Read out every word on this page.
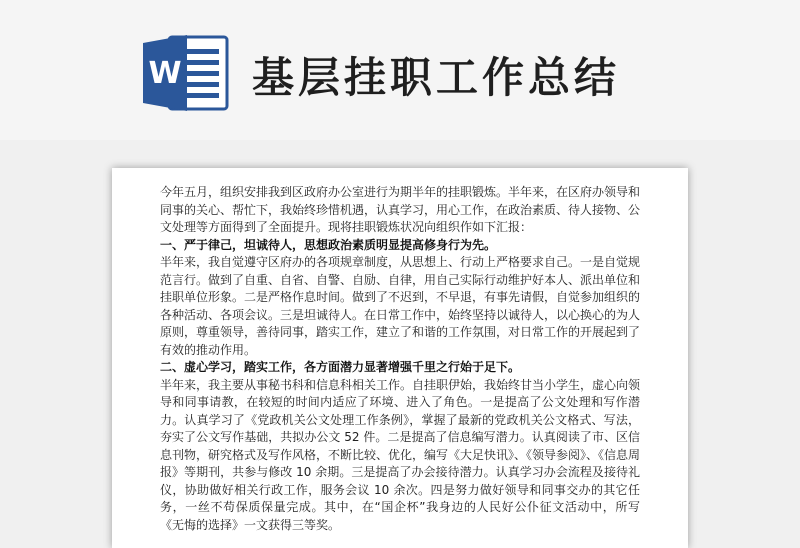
W 基层挂职工作总结

今年五月，组织安排我到区政府办公室进行为期半年的挂职锻炼。半年来，在区府办领导和同事的关心、帮忙下，我始终珍惜机遇，认真学习，用心工作，在政治素质、待人接物、公文处理等方面得到了全面提升。现将挂职锻炼状况向组织作如下汇报：

一、严于律己，坦诚待人，思想政治素质明显提高修身行为先。

半年来，我自觉遵守区府办的各项规章制度，从思想上、行动上严格要求自己。一是自觉规范言行。做到了自重、自省、自警、自励、自律，用自己实际行动维护好本人、派出单位和挂职单位形象。二是严格作息时间。做到了不迟到，不早退，有事先请假，自觉参加组织的各种活动、各项会议。三是坦诚待人。在日常工作中，始终坚持以诚待人，以心换心的为人原则，尊重领导，善待同事，踏实工作，建立了和谐的工作氛围，对日常工作的开展起到了有效的推动作用。

二、虚心学习，踏实工作，各方面潜力显著增强千里之行始于足下。

半年来，我主要从事秘书科和信息科相关工作。自挂职伊始，我始终甘当小学生，虚心向领导和同事请教，在较短的时间内适应了环境、进入了角色。一是提高了公文处理和写作潜力。认真学习了《党政机关公文处理工作条例》，掌握了最新的党政机关公文格式、写法，夯实了公文写作基础，共拟办公文 52 件。二是提高了信息编写潜力。认真阅读了市、区信息刊物，研究格式及写作风格，不断比较、优化，编写《大足快讯》、《领导参阅》、《信息周报》等期刊，共参与修改 10 余期。三是提高了办会接待潜力。认真学习办会流程及接待礼仪，协助做好相关行政工作，服务会议 10 余次。四是努力做好领导和同事交办的其它任务，一丝不苟保质保量完成。其中，在“国企杯”我身边的人民好公仆征文活动中，所写《无悔的选择》一文获得三等奖。
